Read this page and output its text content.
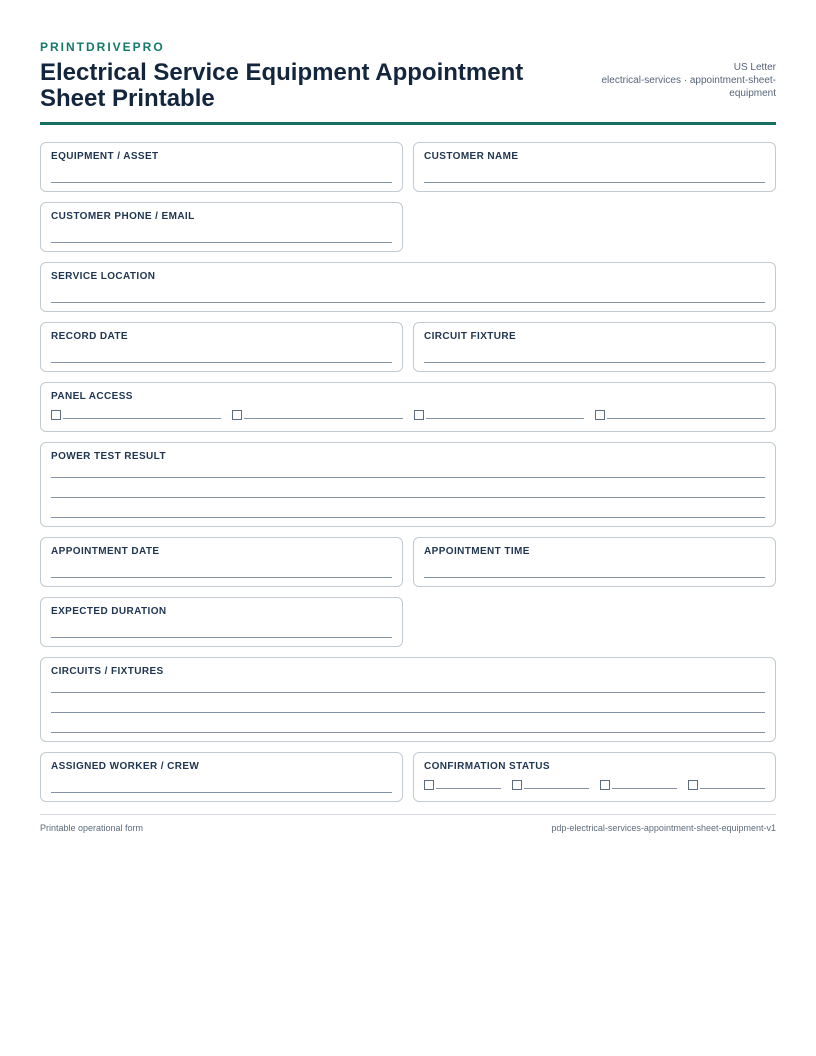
PRINTDRIVEPRO
Electrical Service Equipment Appointment Sheet Printable
US Letter
electrical-services · appointment-sheet-equipment
EQUIPMENT / ASSET	CUSTOMER NAME
CUSTOMER PHONE / EMAIL
SERVICE LOCATION
RECORD DATE	CIRCUIT FIXTURE
PANEL ACCESS
POWER TEST RESULT
APPOINTMENT DATE	APPOINTMENT TIME
EXPECTED DURATION
CIRCUITS / FIXTURES
ASSIGNED WORKER / CREW	CONFIRMATION STATUS
Printable operational form	pdp-electrical-services-appointment-sheet-equipment-v1
